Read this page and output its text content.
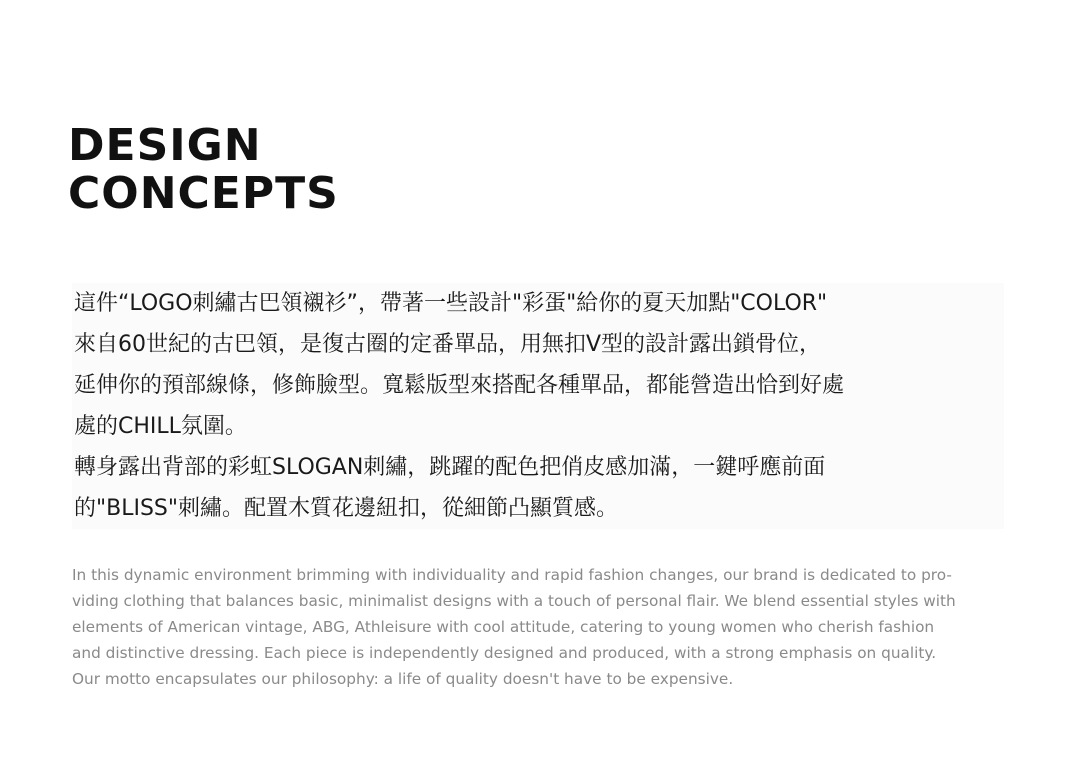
DESIGN
CONCEPTS
這件“LOGO刺繡古巴領襯衫”，帶著一些設計"彩蛋"給你的夏天加點"COLOR"
來自60世紀的古巴領，是復古圈的定番單品，用無扣V型的設計露出鎖骨位，
延伸你的預部線條，修飾臉型。寬鬆版型來搭配各種單品，都能營造出恰到好處
處的CHILL氛圍。
轉身露出背部的彩虹SLOGAN刺繡，跳躍的配色把俏皮感加滿，一鍵呼應前面
的"BLISS"刺繡。配置木質花邊紐扣，從細節凸顯質感。

In this dynamic environment brimming with individuality and rapid fashion changes, our brand is dedicated to pro-
viding clothing that balances basic, minimalist designs with a touch of personal flair. We blend essential styles with
elements of American vintage, ABG, Athleisure with cool attitude, catering to young women who cherish fashion
and distinctive dressing. Each piece is independently designed and produced, with a strong emphasis on quality.
Our motto encapsulates our philosophy: a life of quality doesn't have to be expensive.
